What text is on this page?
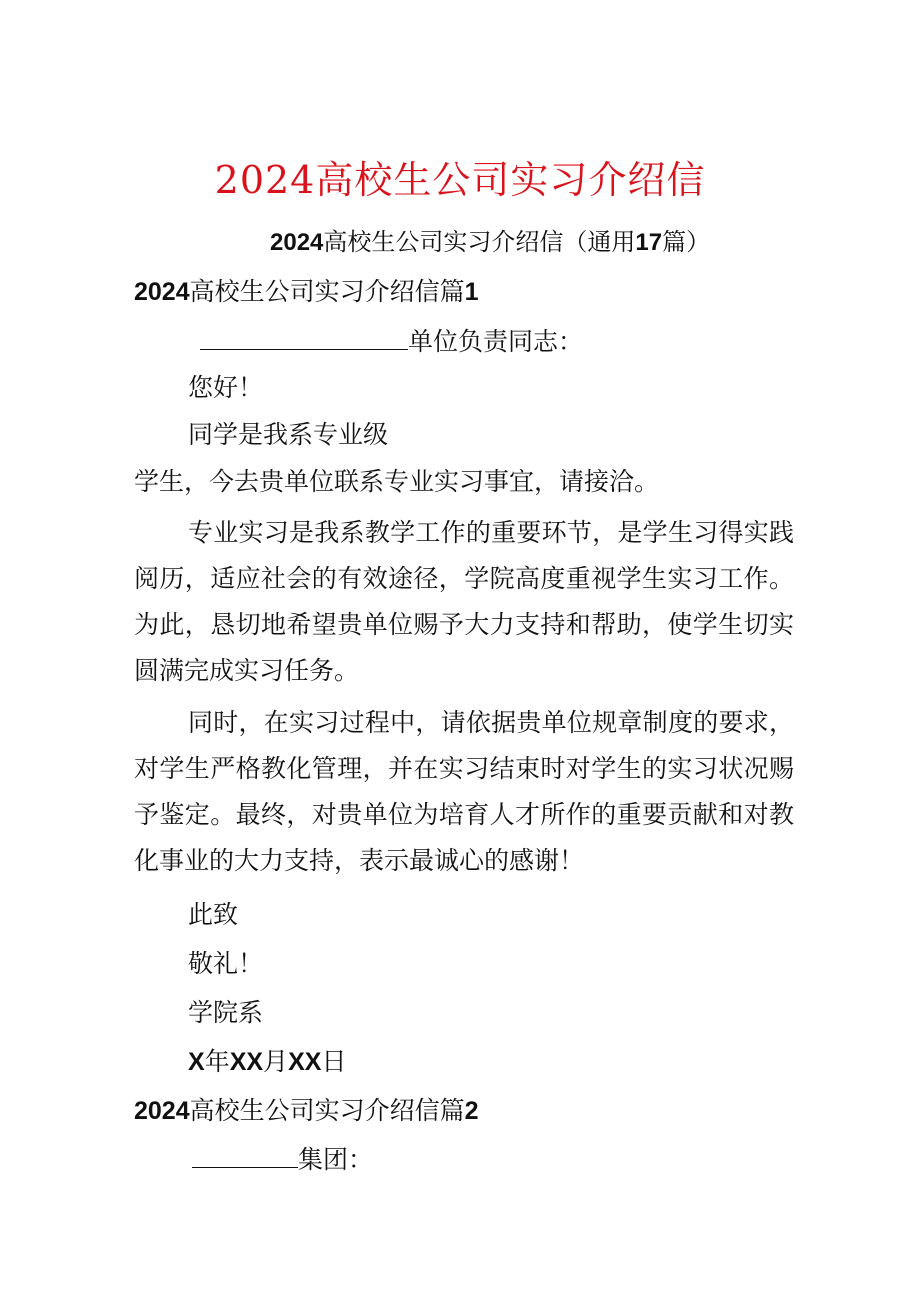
2024高校生公司实习介绍信
2024高校生公司实习介绍信（通用17篇）
2024高校生公司实习介绍信篇1
单位负责同志：
您好！
同学是我系专业级
学生，今去贵单位联系专业实习事宜，请接洽。
专业实习是我系教学工作的重要环节，是学生习得实践阅历，适应社会的有效途径，学院高度重视学生实习工作。为此，恳切地希望贵单位赐予大力支持和帮助，使学生切实圆满完成实习任务。
同时，在实习过程中，请依据贵单位规章制度的要求，对学生严格教化管理，并在实习结束时对学生的实习状况赐予鉴定。最终，对贵单位为培育人才所作的重要贡献和对教化事业的大力支持，表示最诚心的感谢！
此致
敬礼！
学院系
X年XX月XX日
2024高校生公司实习介绍信篇2
集团：
